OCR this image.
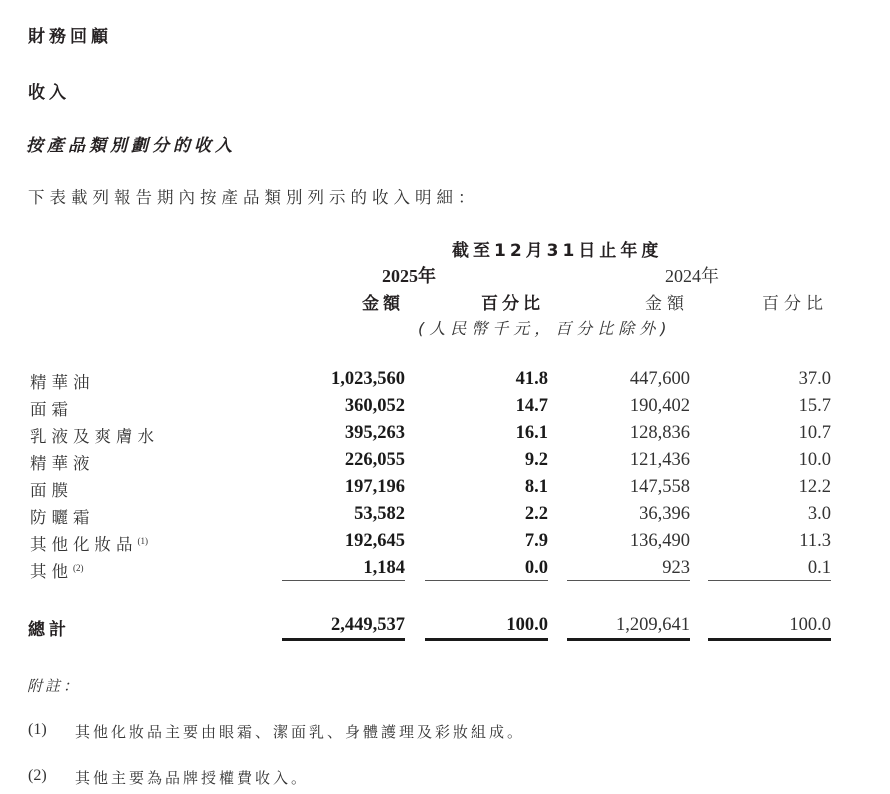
財務回顧
收入
按產品類別劃分的收入
下表載列報告期內按產品類別列示的收入明細：
截至12月31日止年度
2025年	2024年
金額	百分比	金額	百分比
(人民幣千元，百分比除外)
精華油	1,023,560	41.8	447,600	37.0
面霜	360,052	14.7	190,402	15.7
乳液及爽膚水	395,263	16.1	128,836	10.7
精華液	226,055	9.2	121,436	10.0
面膜	197,196	8.1	147,558	12.2
防曬霜	53,582	2.2	36,396	3.0
其他化妝品$^{(1)}$	192,645	7.9	136,490	11.3
其他$^{(2)}$	1,184	0.0	923	0.1
總計	2,449,537	100.0	1,209,641	100.0
附註：
(1) 其他化妝品主要由眼霜、潔面乳、身體護理及彩妝組成。
(2) 其他主要為品牌授權費收入。
